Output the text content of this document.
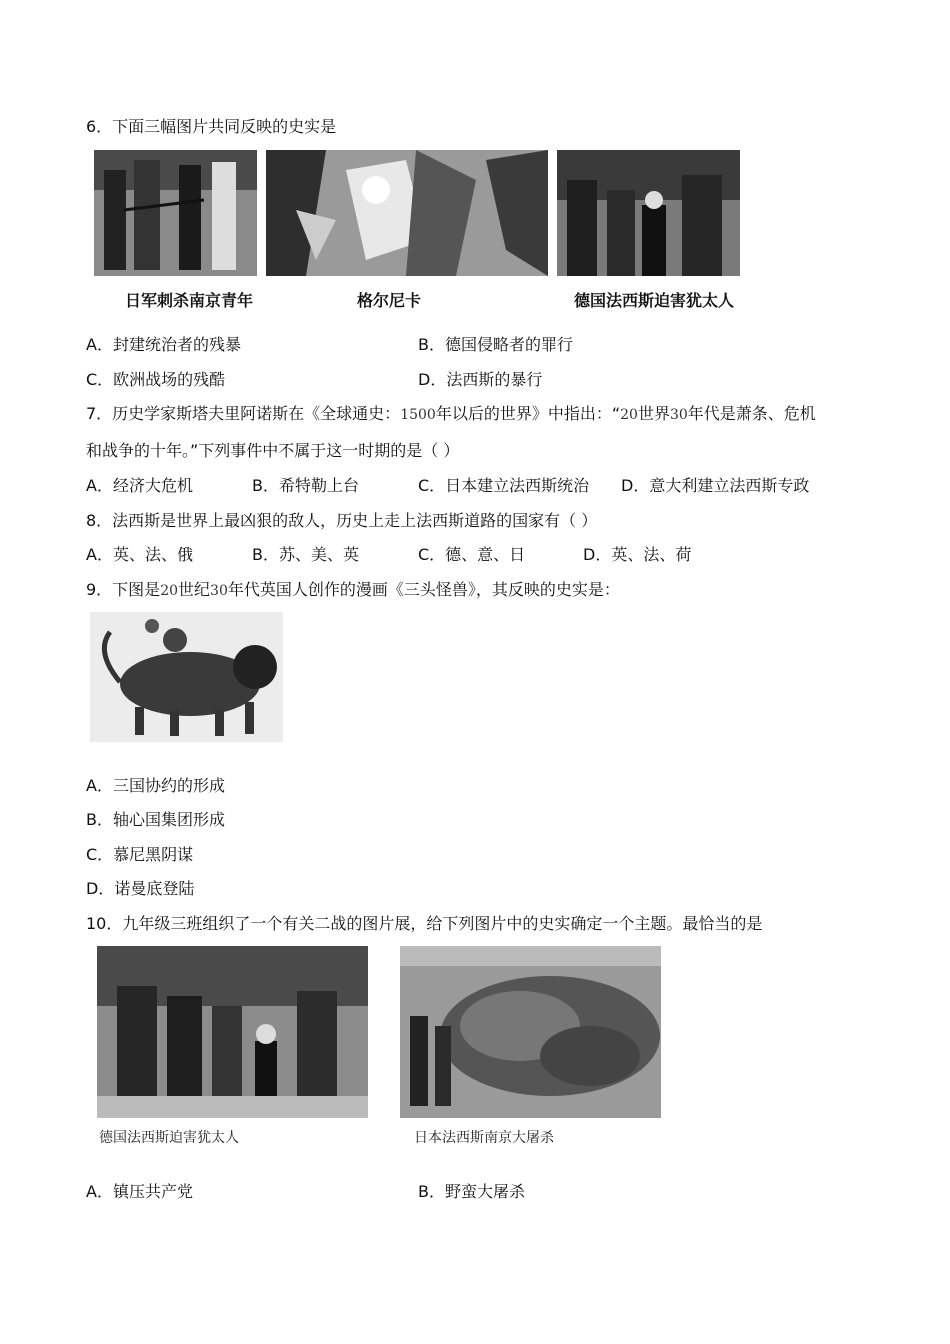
6．下面三幅图片共同反映的史实是
日军刺杀南京青年	格尔尼卡	德国法西斯迫害犹太人
A．封建统治者的残暴	B．德国侵略者的罪行
C．欧洲战场的残酷	D．法西斯的暴行
7．历史学家斯塔夫里阿诺斯在《全球通史：1500年以后的世界》中指出：“20世界30年代是萧条、危机
和战争的十年。”下列事件中不属于这一时期的是（ ）
A．经济大危机	B．希特勒上台	C．日本建立法西斯统治 D．意大利建立法西斯专政
8．法西斯是世界上最凶狠的敌人，历史上走上法西斯道路的国家有（ ）
A．英、法、俄	B．苏、美、英	C．德、意、日	D．英、法、荷
9．下图是20世纪30年代英国人创作的漫画《三头怪兽》，其反映的史实是：
A．三国协约的形成
B．轴心国集团形成
C．慕尼黑阴谋
D．诺曼底登陆
10．九年级三班组织了一个有关二战的图片展，给下列图片中的史实确定一个主题。最恰当的是
德国法西斯迫害犹太人	日本法西斯南京大屠杀
A．镇压共产党	B．野蛮大屠杀
